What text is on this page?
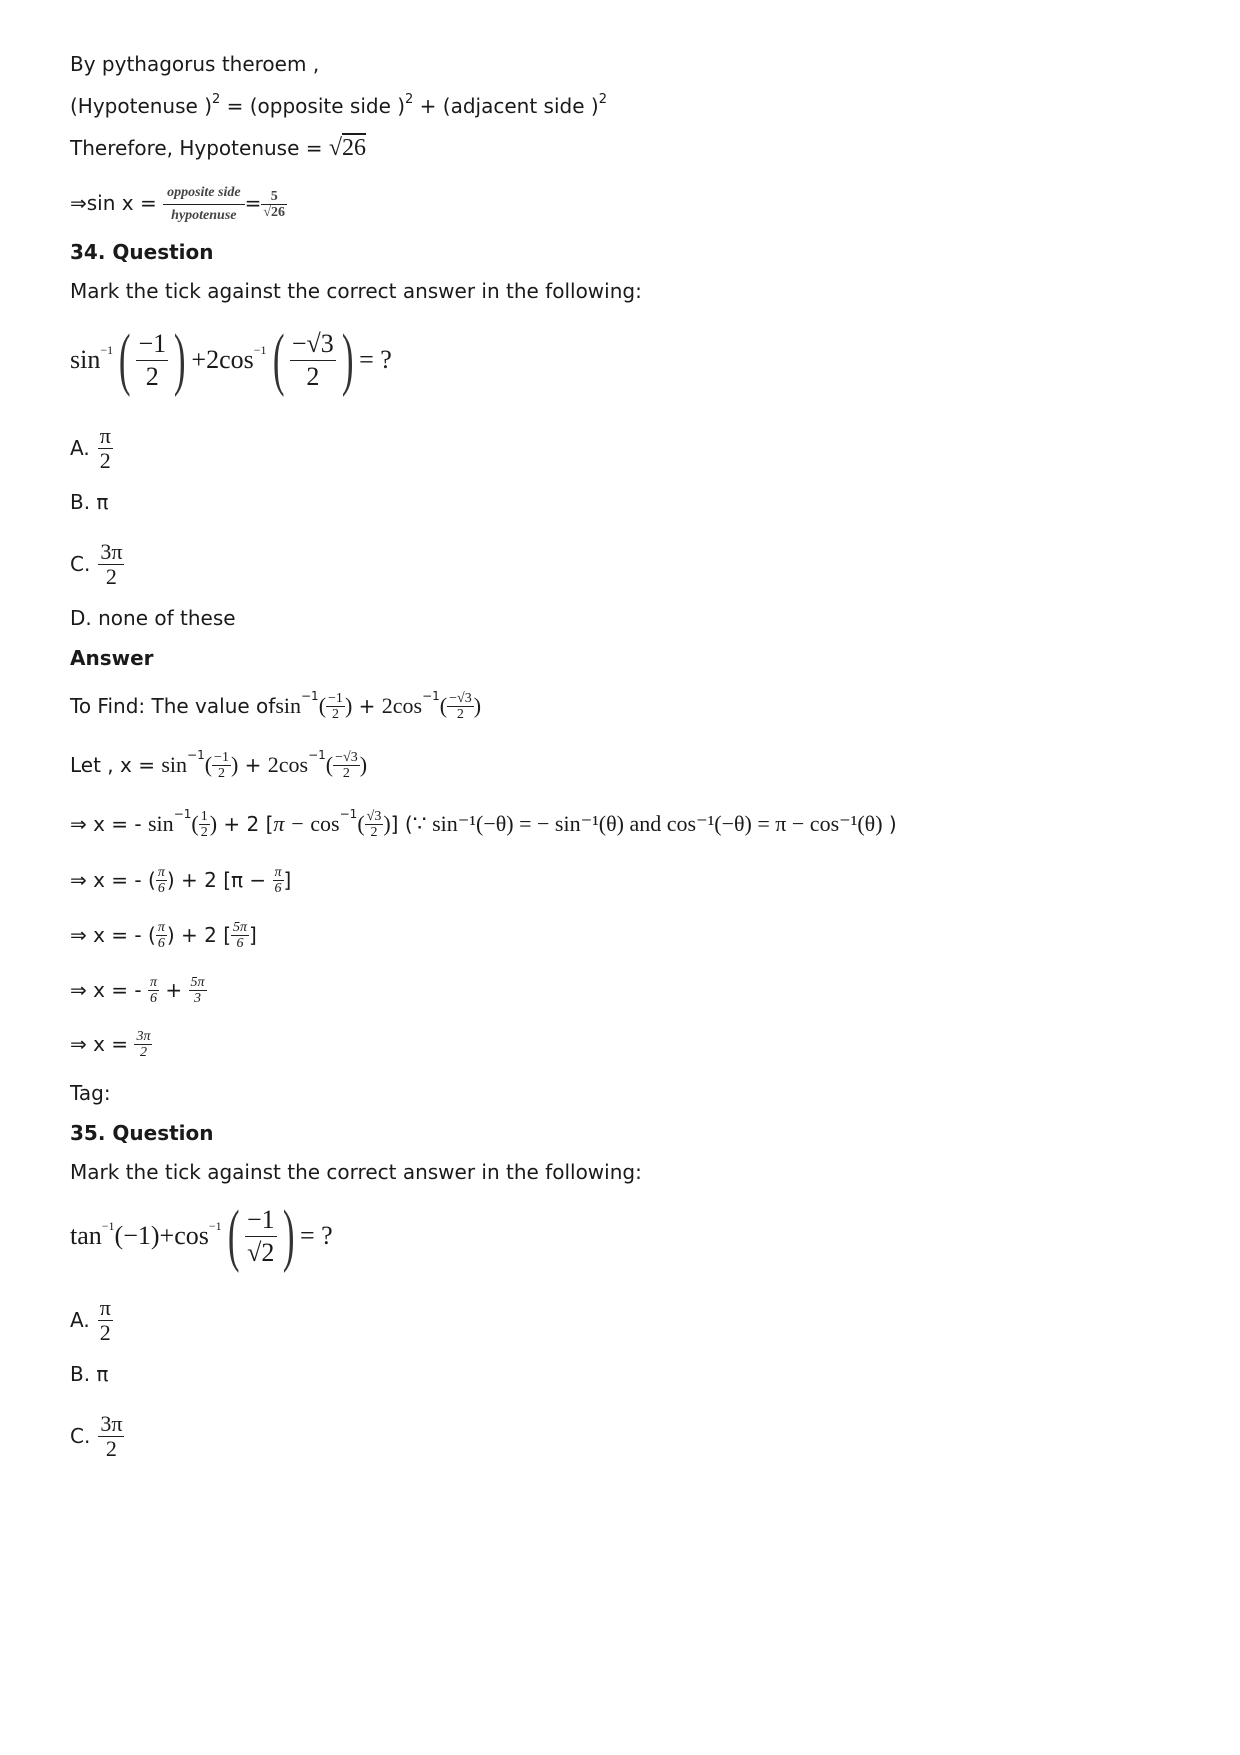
By pythagorus theroem ,
(Hypotenuse )$^2$ = (opposite side )$^2$ + (adjacent side )$^2$
Therefore, Hypotenuse = √26
⇒sin $x = \frac{\text{opposite side}}{\text{hypotenuse}} = \frac{5}{√26}$
34. Question
Mark the tick against the correct answer in the following:
$\sin^{-1}$ ( $\frac{-1}{2}$ ) + $2\cos^{-1}$ ( $\frac{-√3}{2}$ ) = ?
A. $\frac{\pi}{2}$
B. π
C. $\frac{3\pi}{2}$
D. none of these
Answer
To Find: The value of $\sin^{-1}$ ( $\frac{-1}{2}$ ) + $2\cos^{-1}$ ( $\frac{-√3}{2}$ )
Let , $x = \sin^{-1}$ ( $\frac{-1}{2}$ ) + $2\cos^{-1}$ ( $\frac{-√3}{2}$ )
⇒ x = - $\sin^{-1}$ ( $\frac{1}{2}$ ) + 2 [ $\pi - \cos^{-1}$ ( $\frac{√3}{2}$ ) ] ( ∵ sin⁻¹(−θ) = − sin⁻¹(θ) and cos⁻¹(−θ) = π − cos⁻¹(θ) )
⇒ x = - ( $\frac{\pi}{6}$ ) + 2 [$\pi - \frac{\pi}{6}$ ]
⇒ x = - ( $\frac{\pi}{6}$ ) + 2 [ $\frac{5\pi}{6}$ ]
⇒ x = - $\frac{\pi}{6} + \frac{5\pi}{3}$
⇒ $x = \frac{3\pi}{2}$
Tag:
35. Question
Mark the tick against the correct answer in the following:
$\tan^{-1} (-1) + \cos^{-1}$ ( $\frac{-1}{√2}$ ) = ?
A. $\frac{\pi}{2}$
B. π
C. $\frac{3\pi}{2}$
